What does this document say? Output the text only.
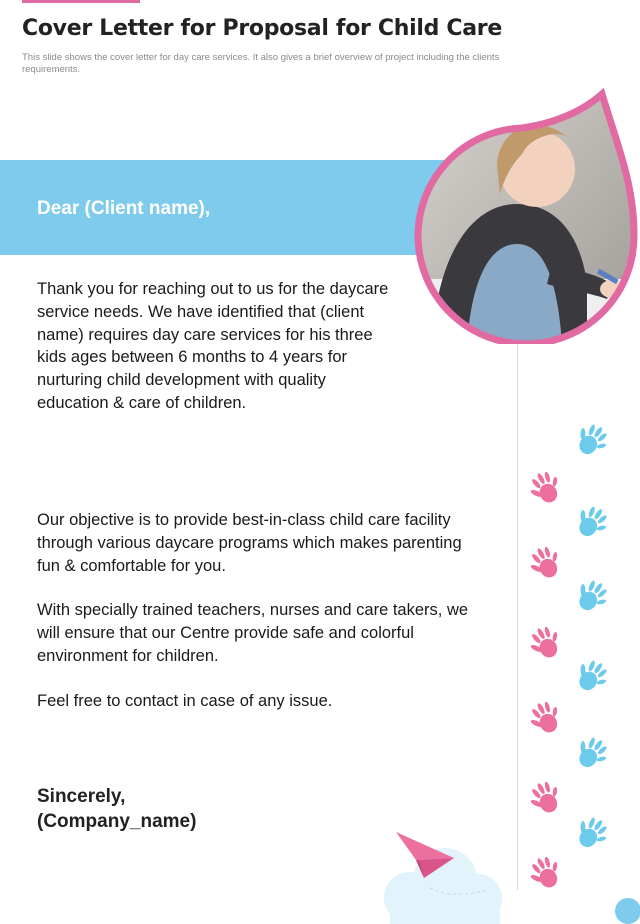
Cover Letter for Proposal for Child Care
This slide shows the cover letter for day care services. It also gives a brief overview of project including the clients requirements.
Dear (Client name),

Thank you for reaching out to us for the daycare service needs. We have identified that (client name) requires day care services for his three kids ages between 6 months to 4 years for nurturing child development with quality education & care of children.

Our objective is to provide best-in-class child care facility through various daycare programs which makes parenting fun & comfortable for you.

With specially trained teachers, nurses and care takers, we will ensure that our Centre provide safe and colorful environment for children.

Feel free to contact in case of any issue.

Sincerely,
(Company_name)
